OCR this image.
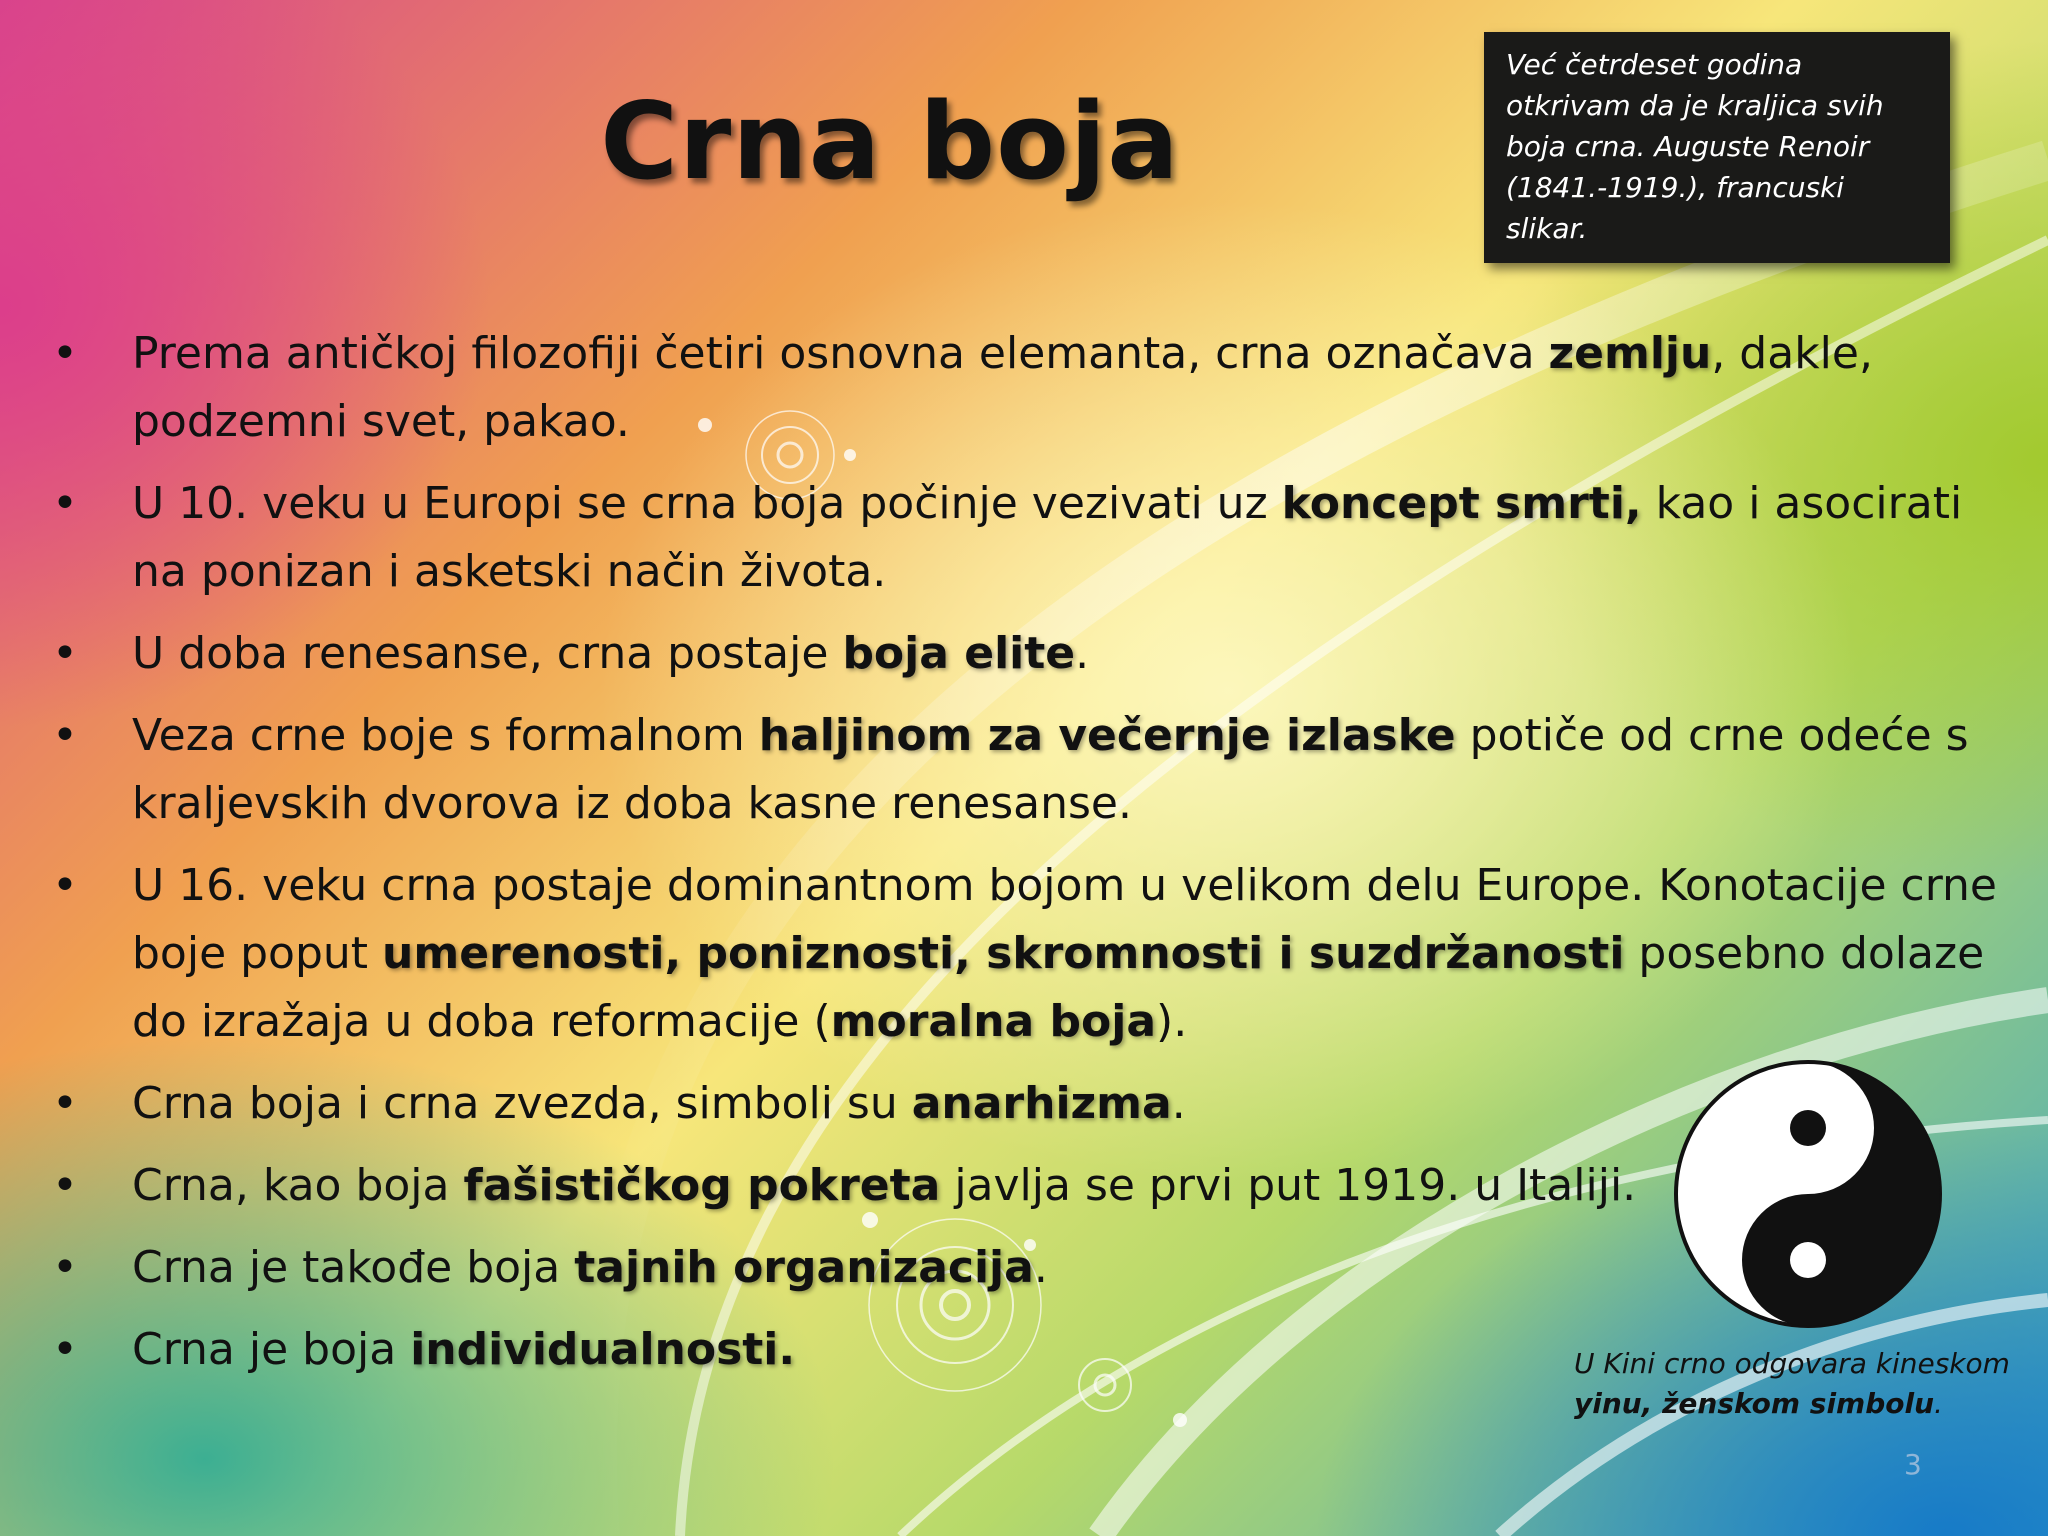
Crna boja
Već četrdeset godina otkrivam da je kraljica svih boja crna. Auguste Renoir (1841.-1919.), francuski slikar.
• Prema antičkoj filozofiji četiri osnovna elemanta, crna označava zemlju, dakle, podzemni svet, pakao.
• U 10. veku u Europi se crna boja počinje vezivati uz koncept smrti, kao i asocirati na ponizan i asketski način života.
• U doba renesanse, crna postaje boja elite.
• Veza crne boje s formalnom haljinom za večernje izlaske potiče od crne odeće s kraljevskih dvorova iz doba kasne renesanse.
• U 16. veku crna postaje dominantnom bojom u velikom delu Europe. Konotacije crne boje poput umerenosti, poniznosti, skromnosti i suzdržanosti posebno dolaze do izražaja u doba reformacije (moralna boja).
• Crna boja i crna zvezda, simboli su anarhizma.
• Crna, kao boja fašističkog pokreta javlja se prvi put 1919. u Italiji.
• Crna je takođe boja tajnih organizacija.
• Crna je boja individualnosti.	U Kini crno odgovara kineskom
yinu, ženskom simbolu.
3
